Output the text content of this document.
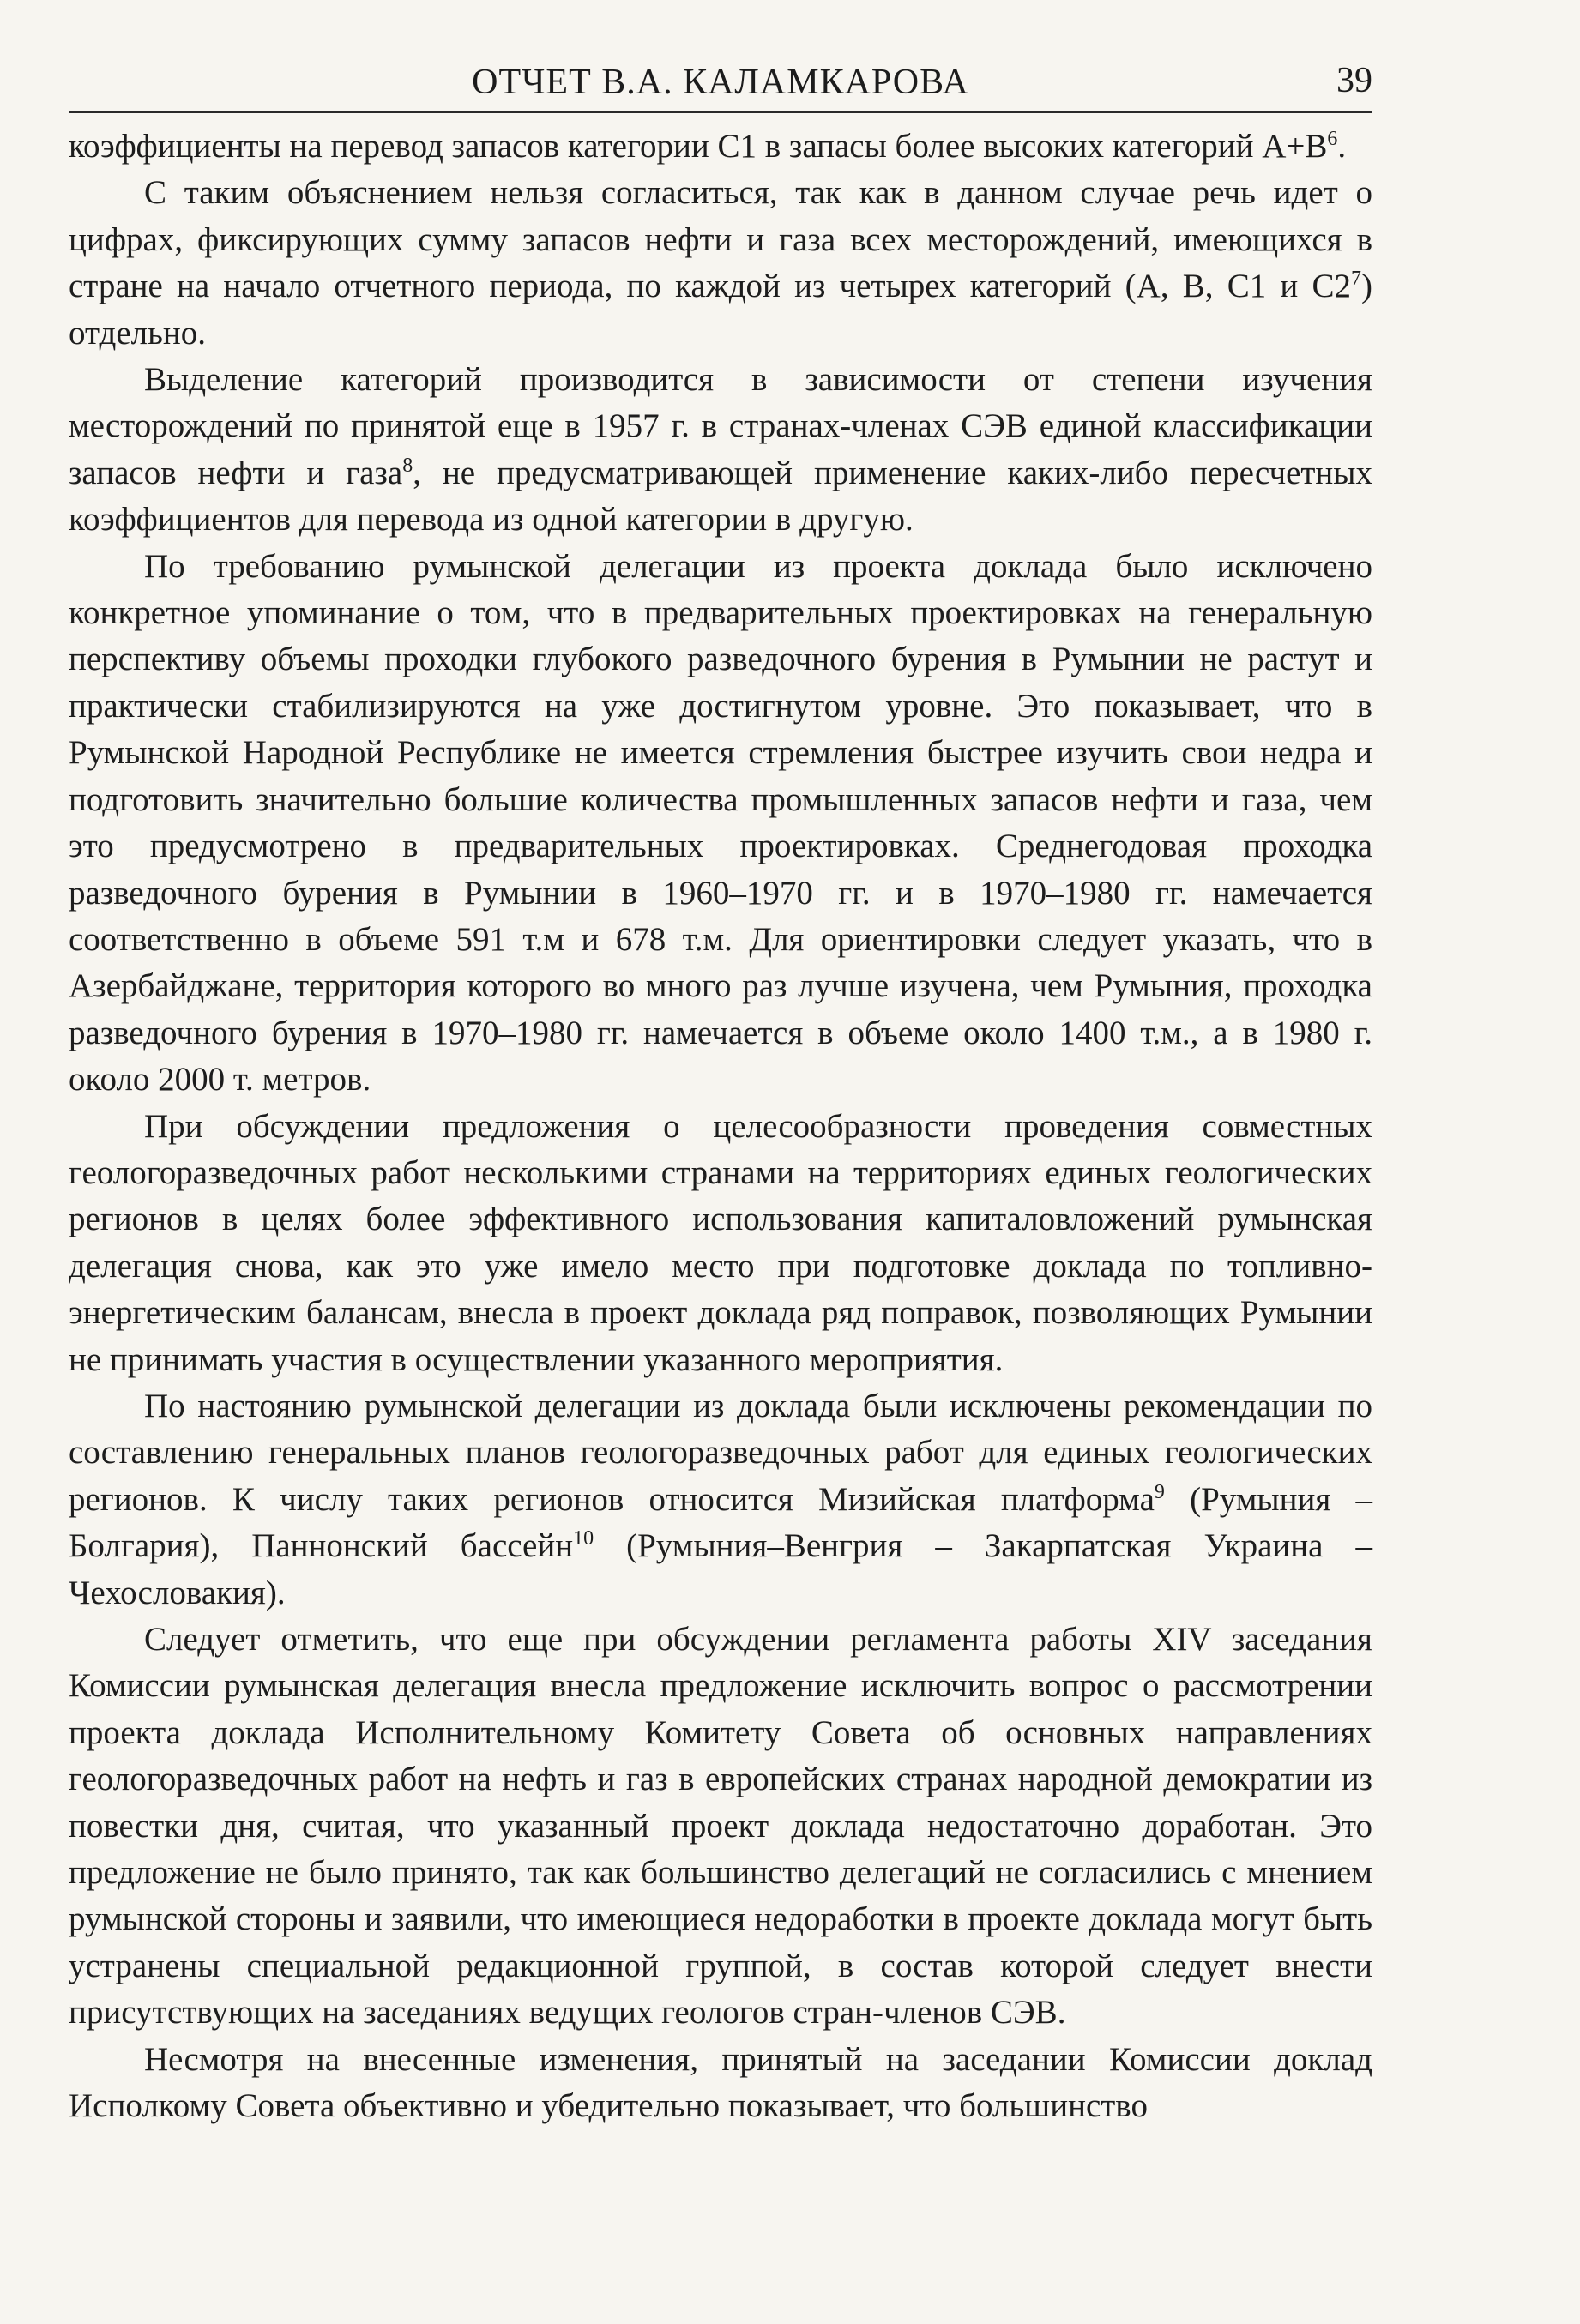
ОТЧЕТ В.А. КАЛАМКАРОВА	39

коэффициенты на перевод запасов категории С1 в запасы более высоких категорий $А+В^6$.

С таким объяснением нельзя согласиться, так как в данном случае речь идет о цифрах, фиксирующих сумму запасов нефти и газа всех месторождений, имеющихся в стране на начало отчетного периода, по каждой из четырех категорий (А, В, С1 и $С2^7$) отдельно.

Выделение категорий производится в зависимости от степени изучения месторождений по принятой еще в 1957 г. в странах-членах СЭВ единой классификации запасов нефти и газа$^8$, не предусматривающей применение каких-либо пересчетных коэффициентов для перевода из одной категории в другую.

По требованию румынской делегации из проекта доклада было исключено конкретное упоминание о том, что в предварительных проектировках на генеральную перспективу объемы проходки глубокого разведочного бурения в Румынии не растут и практически стабилизируются на уже достигнутом уровне. Это показывает, что в Румынской Народной Республике не имеется стремления быстрее изучить свои недра и подготовить значительно большие количества промышленных запасов нефти и газа, чем это предусмотрено в предварительных проектировках. Среднегодовая проходка разведочного бурения в Румынии в 1960–1970 гг. и в 1970–1980 гг. намечается соответственно в объеме 591 т.м и 678 т.м. Для ориентировки следует указать, что в Азербайджане, территория которого во много раз лучше изучена, чем Румыния, проходка разведочного бурения в 1970–1980 гг. намечается в объеме около 1400 т.м., а в 1980 г. около 2000 т. метров.

При обсуждении предложения о целесообразности проведения совместных геологоразведочных работ несколькими странами на территориях единых геологических регионов в целях более эффективного использования капиталовложений румынская делегация снова, как это уже имело место при подготовке доклада по топливно-энергетическим балансам, внесла в проект доклада ряд поправок, позволяющих Румынии не принимать участия в осуществлении указанного мероприятия.

По настоянию румынской делегации из доклада были исключены рекомендации по составлению генеральных планов геологоразведочных работ для единых геологических регионов. К числу таких регионов относится Мизийская платформа$^9$ (Румыния – Болгария), Паннонский бассейн$^{10}$ (Румыния–Венгрия – Закарпатская Украина –Чехословакия).

Следует отметить, что еще при обсуждении регламента работы XIV заседания Комиссии румынская делегация внесла предложение исключить вопрос о рассмотрении проекта доклада Исполнительному Комитету Совета об основных направлениях геологоразведочных работ на нефть и газ в европейских странах народной демократии из повестки дня, считая, что указанный проект доклада недостаточно доработан. Это предложение не было принято, так как большинство делегаций не согласились с мнением румынской стороны и заявили, что имеющиеся недоработки в проекте доклада могут быть устранены специальной редакционной группой, в состав которой следует внести присутствующих на заседаниях ведущих геологов стран-членов СЭВ.

Несмотря на внесенные изменения, принятый на заседании Комиссии доклад Исполкому Совета объективно и убедительно показывает, что большинство
